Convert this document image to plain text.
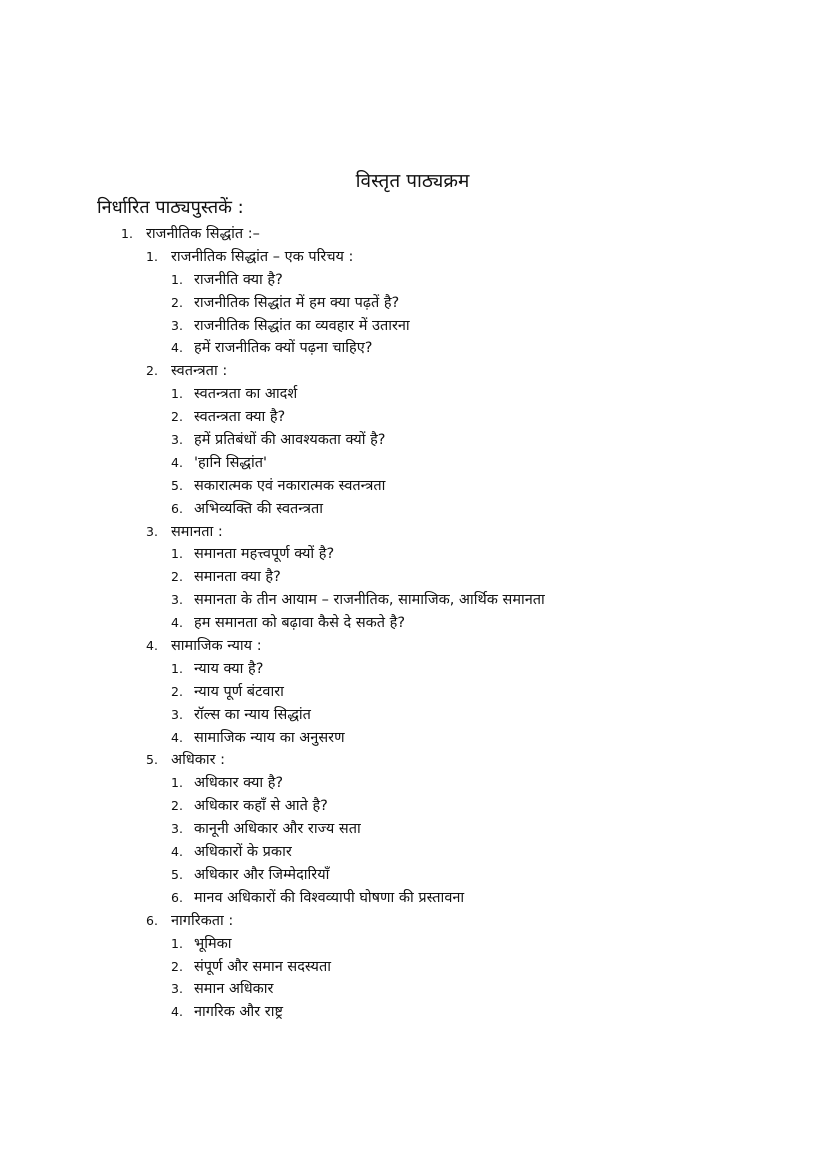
विस्तृत पाठ्यक्रम
निर्धारित पाठ्यपुस्तकें :
1. राजनीतिक सिद्धांत :–
1. राजनीतिक सिद्धांत – एक परिचय :
1. राजनीति क्या है?
2. राजनीतिक सिद्धांत में हम क्या पढ़तें है?
3. राजनीतिक सिद्धांत का व्यवहार में उतारना
4. हमें राजनीतिक क्यों पढ़ना चाहिए?
2. स्वतन्त्रता :
1. स्वतन्त्रता का आदर्श
2. स्वतन्त्रता क्या है?
3. हमें प्रतिबंधों की आवश्यकता क्यों है?
4. 'हानि सिद्धांत'
5. सकारात्मक एवं नकारात्मक स्वतन्त्रता
6. अभिव्यक्ति की स्वतन्त्रता
3. समानता :
1. समानता महत्त्वपूर्ण क्यों है?
2. समानता क्या है?
3. समानता के तीन आयाम – राजनीतिक, सामाजिक, आर्थिक समानता
4. हम समानता को बढ़ावा कैसे दे सकते है?
4. सामाजिक न्याय :
1. न्याय क्या है?
2. न्याय पूर्ण बंटवारा
3. रॉल्स का न्याय सिद्धांत
4. सामाजिक न्याय का अनुसरण
5. अधिकार :
1. अधिकार क्या है?
2. अधिकार कहाँ से आते है?
3. कानूनी अधिकार और राज्य सता
4. अधिकारों के प्रकार
5. अधिकार और जिम्मेदारियाँ
6. मानव अधिकारों की विश्वव्यापी घोषणा की प्रस्तावना
6. नागरिकता :
1. भूमिका
2. संपूर्ण और समान सदस्यता
3. समान अधिकार
4. नागरिक और राष्ट्र
